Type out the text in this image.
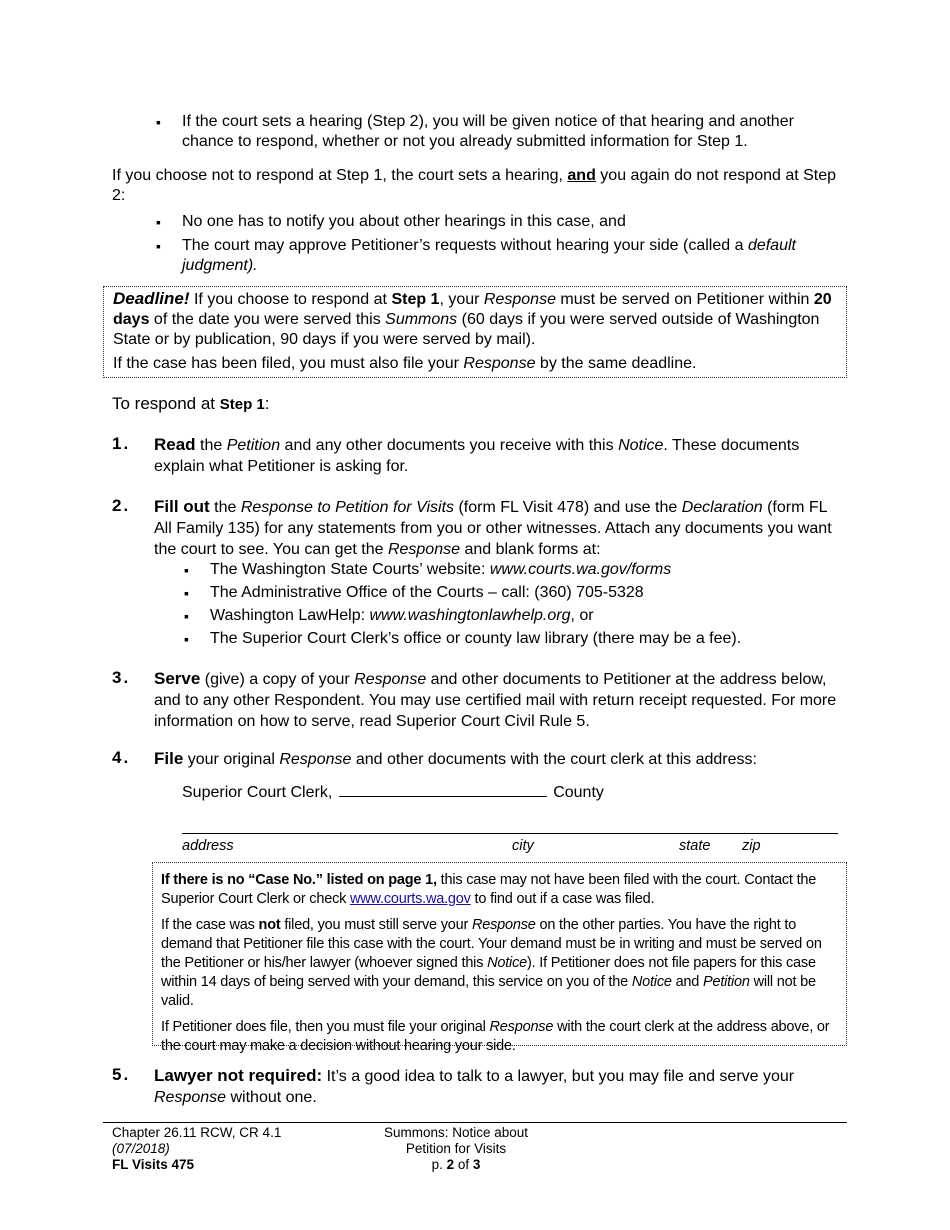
▪ If the court sets a hearing (Step 2), you will be given notice of that hearing and another chance to respond, whether or not you already submitted information for Step 1.
If you choose not to respond at Step 1, the court sets a hearing, and you again do not respond at Step 2:
▪ No one has to notify you about other hearings in this case, and
▪ The court may approve Petitioner’s requests without hearing your side (called a default judgment).
Deadline! If you choose to respond at Step 1, your Response must be served on Petitioner within 20 days of the date you were served this Summons (60 days if you were served outside of Washington State or by publication, 90 days if you were served by mail).
If the case has been filed, you must also file your Response by the same deadline.
To respond at Step 1:
1. Read the Petition and any other documents you receive with this Notice. These documents explain what Petitioner is asking for.
2. Fill out the Response to Petition for Visits (form FL Visit 478) and use the Declaration (form FL All Family 135) for any statements from you or other witnesses. Attach any documents you want the court to see. You can get the Response and blank forms at:
▪ The Washington State Courts’ website: www.courts.wa.gov/forms
▪ The Administrative Office of the Courts – call: (360) 705-5328
▪ Washington LawHelp: www.washingtonlawhelp.org, or
▪ The Superior Court Clerk’s office or county law library (there may be a fee).
3. Serve (give) a copy of your Response and other documents to Petitioner at the address below, and to any other Respondent. You may use certified mail with return receipt requested. For more information on how to serve, read Superior Court Civil Rule 5.
4. File your original Response and other documents with the court clerk at this address:
Superior Court Clerk,	County
address	city	state zip
If there is no “Case No.” listed on page 1, this case may not have been filed with the court. Contact the Superior Court Clerk or check www.courts.wa.gov to find out if a case was filed.
If the case was not filed, you must still serve your Response on the other parties. You have the right to demand that Petitioner file this case with the court. Your demand must be in writing and must be served on the Petitioner or his/her lawyer (whoever signed this Notice). If Petitioner does not file papers for this case within 14 days of being served with your demand, this service on you of the Notice and Petition will not be valid.
If Petitioner does file, then you must file your original Response with the court clerk at the address above, or the court may make a decision without hearing your side.
5. Lawyer not required: It’s a good idea to talk to a lawyer, but you may file and serve your Response without one.
Chapter 26.11 RCW, CR 4.1
(07/2018)
FL Visits 475
Summons: Notice about
Petition for Visits
p. 2 of 3
